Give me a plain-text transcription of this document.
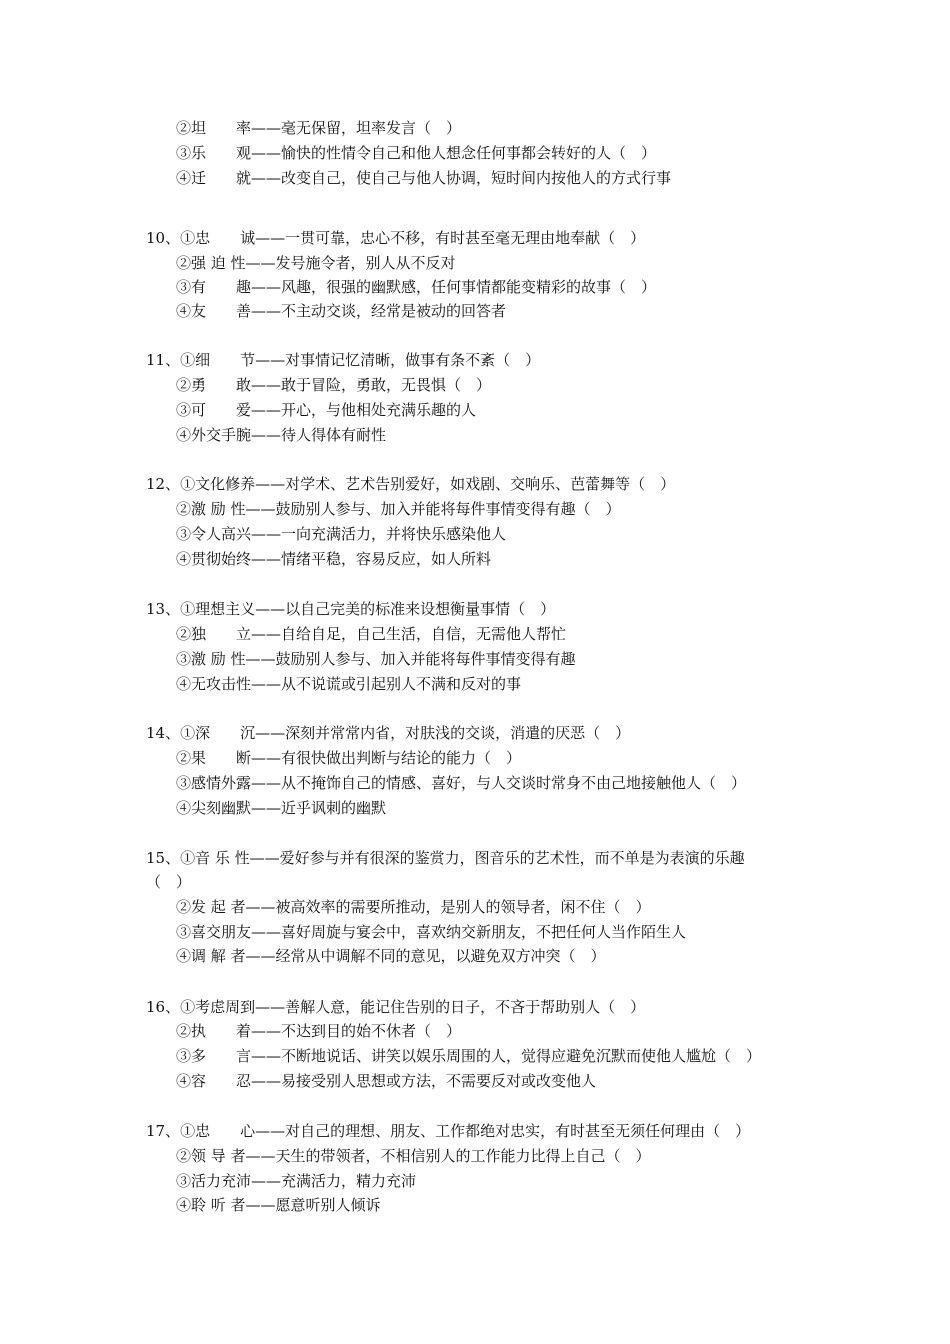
②坦　　率——毫无保留，坦率发言（　）
③乐　　观——愉快的性情令自己和他人想念任何事都会转好的人（　）
④迁　　就——改变自己，使自己与他人协调，短时间内按他人的方式行事
10、①忠　　诚——一贯可靠，忠心不移，有时甚至毫无理由地奉献（　）
②强 迫 性——发号施令者，别人从不反对
③有　　趣——风趣，很强的幽默感，任何事情都能变精彩的故事（　）
④友　　善——不主动交谈，经常是被动的回答者
11、①细　　节——对事情记忆清晰，做事有条不紊（　）
②勇　　敢——敢于冒险，勇敢，无畏惧（　）
③可　　爱——开心，与他相处充满乐趣的人
④外交手腕——待人得体有耐性
12、①文化修养——对学术、艺术告别爱好，如戏剧、交响乐、芭蕾舞等（　）
②激 励 性——鼓励别人参与、加入并能将每件事情变得有趣（　）
③令人高兴——一向充满活力，并将快乐感染他人
④贯彻始终——情绪平稳，容易反应，如人所料
13、①理想主义——以自己完美的标准来设想衡量事情（　）
②独　　立——自给自足，自己生活，自信，无需他人帮忙
③激 励 性——鼓励别人参与、加入并能将每件事情变得有趣
④无攻击性——从不说谎或引起别人不满和反对的事
14、①深　　沉——深刻并常常内省，对肤浅的交谈，消遣的厌恶（　）
②果　　断——有很快做出判断与结论的能力（　）
③感情外露——从不掩饰自己的情感、喜好，与人交谈时常身不由己地接触他人（　）
④尖刻幽默——近乎讽刺的幽默
15、①音 乐 性——爱好参与并有很深的鉴赏力，图音乐的艺术性，而不单是为表演的乐趣
（　）
②发 起 者——被高效率的需要所推动，是别人的领导者，闲不住（　）
③喜交朋友——喜好周旋与宴会中，喜欢纳交新朋友，不把任何人当作陌生人
④调 解 者——经常从中调解不同的意见，以避免双方冲突（　）
16、①考虑周到——善解人意，能记住告别的日子，不吝于帮助别人（　）
②执　　着——不达到目的始不休者（　）
③多　　言——不断地说话、讲笑以娱乐周围的人，觉得应避免沉默而使他人尴尬（　）
④容　　忍——易接受别人思想或方法，不需要反对或改变他人
17、①忠　　心——对自己的理想、朋友、工作都绝对忠实，有时甚至无须任何理由（　）
②领 导 者——天生的带领者，不相信别人的工作能力比得上自己（　）
③活力充沛——充满活力，精力充沛
④聆 听 者——愿意听别人倾诉
